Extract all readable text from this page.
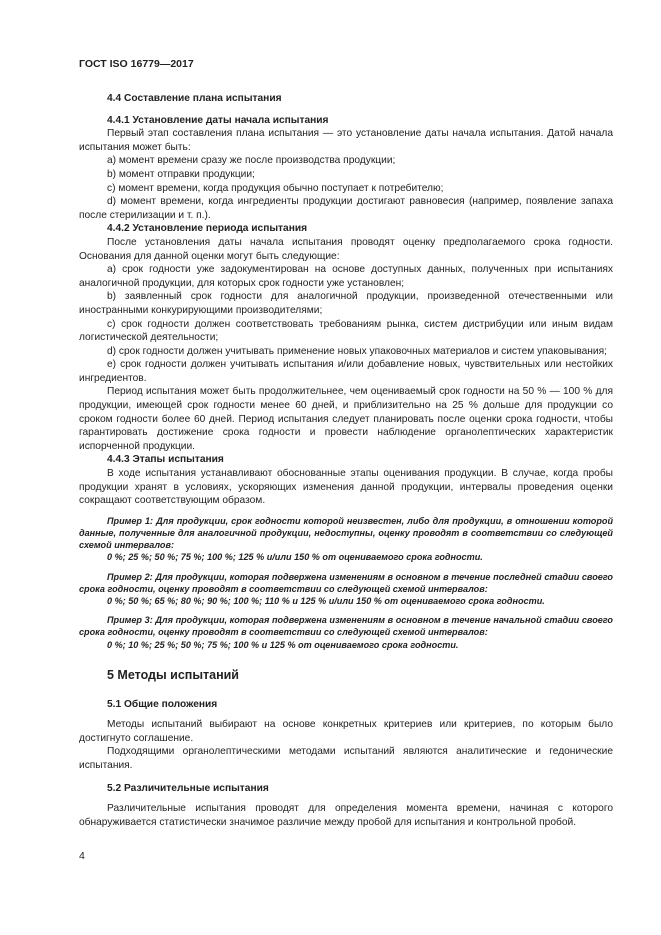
ГОСТ ISO 16779—2017
4.4 Составление плана испытания
4.4.1 Установление даты начала испытания

Первый этап составления плана испытания — это установление даты начала испытания. Датой начала испытания может быть:

a) момент времени сразу же после производства продукции;

b) момент отправки продукции;

c) момент времени, когда продукция обычно поступает к потребителю;

d) момент времени, когда ингредиенты продукции достигают равновесия (например, появление запаха после стерилизации и т. п.).

4.4.2 Установление периода испытания

После установления даты начала испытания проводят оценку предполагаемого срока годности. Основания для данной оценки могут быть следующие:

a) срок годности уже задокументирован на основе доступных данных, полученных при испытаниях аналогичной продукции, для которых срок годности уже установлен;

b) заявленный срок годности для аналогичной продукции, произведенной отечественными или иностранными конкурирующими производителями;

c) срок годности должен соответствовать требованиям рынка, систем дистрибуции или иным видам логистической деятельности;

d) срок годности должен учитывать применение новых упаковочных материалов и систем упаковывания;

e) срок годности должен учитывать испытания и/или добавление новых, чувствительных или нестойких ингредиентов.

Период испытания может быть продолжительнее, чем оцениваемый срок годности на 50 % — 100 % для продукции, имеющей срок годности менее 60 дней, и приблизительно на 25 % дольше для продукции со сроком годности более 60 дней. Период испытания следует планировать после оценки срока годности, чтобы гарантировать достижение срока годности и провести наблюдение органолептических характеристик испорченной продукции.

4.4.3 Этапы испытания

В ходе испытания устанавливают обоснованные этапы оценивания продукции. В случае, когда пробы продукции хранят в условиях, ускоряющих изменения данной продукции, интервалы проведения оценки сокращают соответствующим образом.

Пример 1: Для продукции, срок годности которой неизвестен, либо для продукции, в отношении которой данные, полученные для аналогичной продукции, недоступны, оценку проводят в соответствии со следующей схемой интервалов:

0 %; 25 %; 50 %; 75 %; 100 %; 125 % и/или 150 % от оцениваемого срока годности.

Пример 2: Для продукции, которая подвержена изменениям в основном в течение последней стадии своего срока годности, оценку проводят в соответствии со следующей схемой интервалов:

0 %; 50 %; 65 %; 80 %; 90 %; 100 %; 110 % и 125 % и/или 150 % от оцениваемого срока годности.

Пример 3: Для продукции, которая подвержена изменениям в основном в течение начальной стадии своего срока годности, оценку проводят в соответствии со следующей схемой интервалов:

0 %; 10 %; 25 %; 50 %; 75 %; 100 % и 125 % от оцениваемого срока годности.
5 Методы испытаний
5.1 Общие положения

Методы испытаний выбирают на основе конкретных критериев или критериев, по которым было достигнуто соглашение.

Подходящими органолептическими методами испытаний являются аналитические и гедонические испытания.

5.2 Различительные испытания

Различительные испытания проводят для определения момента времени, начиная с которого обнаруживается статистически значимое различие между пробой для испытания и контрольной пробой.

4
